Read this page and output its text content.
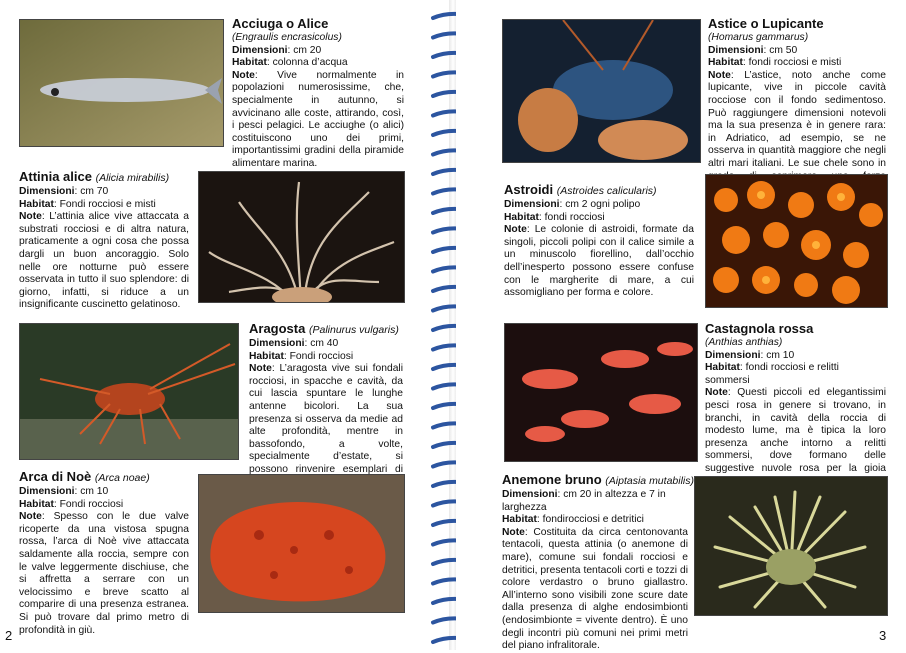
Acciuga o Alice
(Engraulis encrasicolus)
Dimensioni: cm 20
Habitat: colonna d’acqua
Note: Vive normalmente in popolazioni numerosissime, che, specialmente in autunno, si avvicinano alle coste, attirando, così, i pesci pelagici. Le acciughe (o alici) costituiscono uno dei primi, importantissimi gradini della piramide alimentare marina.
Attinia alice (Alicia mirabilis)
Dimensioni: cm 70
Habitat: Fondi rocciosi e misti
Note: L’attinia alice vive attaccata a substrati rocciosi e di altra natura, praticamente a ogni cosa che possa dargli un buon ancoraggio. Solo nelle ore notturne può essere osservata in tutto il suo splendore: di giorno, infatti, si riduce a un insignificante cuscinetto gelatinoso.
Aragosta (Palinurus vulgaris)
Dimensioni: cm 40
Habitat: Fondi rocciosi
Note: L’aragosta vive sui fondali rocciosi, in spacche e cavità, da cui lascia spuntare le lunghe antenne bicolori. La sua presenza si osserva da medie ad alte profondità, mentre in bassofondo, a volte, specialmente d’estate, si possono rinvenire esemplari di
Arca di Noè (Arca noae)
Dimensioni: cm 10
Habitat: Fondi rocciosi
Note: Spesso con le due valve ricoperte da una vistosa spugna rossa, l’arca di Noè vive attaccata saldamente alla roccia, sempre con le valve leggermente dischiuse, che si affretta a serrare con un velocissimo e breve scatto al comparire di una presenza estranea. Si può trovare dal primo metro di profondità in giù.
2
Astice o Lupicante
(Homarus gammarus)
Dimensioni: cm 50
Habitat: fondi rocciosi e misti
Note: L’astice, noto anche come lupicante, vive in piccole cavità rocciose con il fondo sedimentoso. Può raggiungere dimensioni notevoli ma la sua presenza è in genere rara: in Adriatico, ad esempio, se ne osserva in quantità maggiore che negli altri mari italiani. Le sue chele sono in
Astroidi (Astroides calicularis)
Dimensioni: cm 2 ogni polipo
Habitat: fondi rocciosi
Note: Le colonie di astroidi, formate da singoli, piccoli polipi con il calice simile a un minuscolo fiorellino, dall’occhio dell’inesperto possono essere confuse con le margherite di mare, a cui assomigliano per forma e colore.
Castagnola rossa
(Anthias anthias)
Dimensioni: cm 10
Habitat: fondi rocciosi e relitti sommersi
Note: Questi piccoli ed elegantissimi pesci rosa in genere si trovano, in branchi, in cavità della roccia di modesto lume, ma è tipica la loro presenza anche intorno a relitti sommersi, dove formano delle suggestive nuvole rosa per la gioia
Anemone bruno (Aiptasia mutabilis)
Dimensioni: cm 20 in altezza e 7 in larghezza
Habitat: fondirocciosi e detritici
Note: Costituita da circa centonovanta tentacoli, questa attinia (o anemone di mare), comune sui fondali rocciosi e detritici, presenta tentacoli corti e tozzi di colore verdastro o bruno giallastro. All’interno sono visibili zone scure date dalla presenza di alghe endosimbionti (endosimbionte = vivente dentro). È uno degli incontri più comuni nei primi metri del piano infralitorale.
3
